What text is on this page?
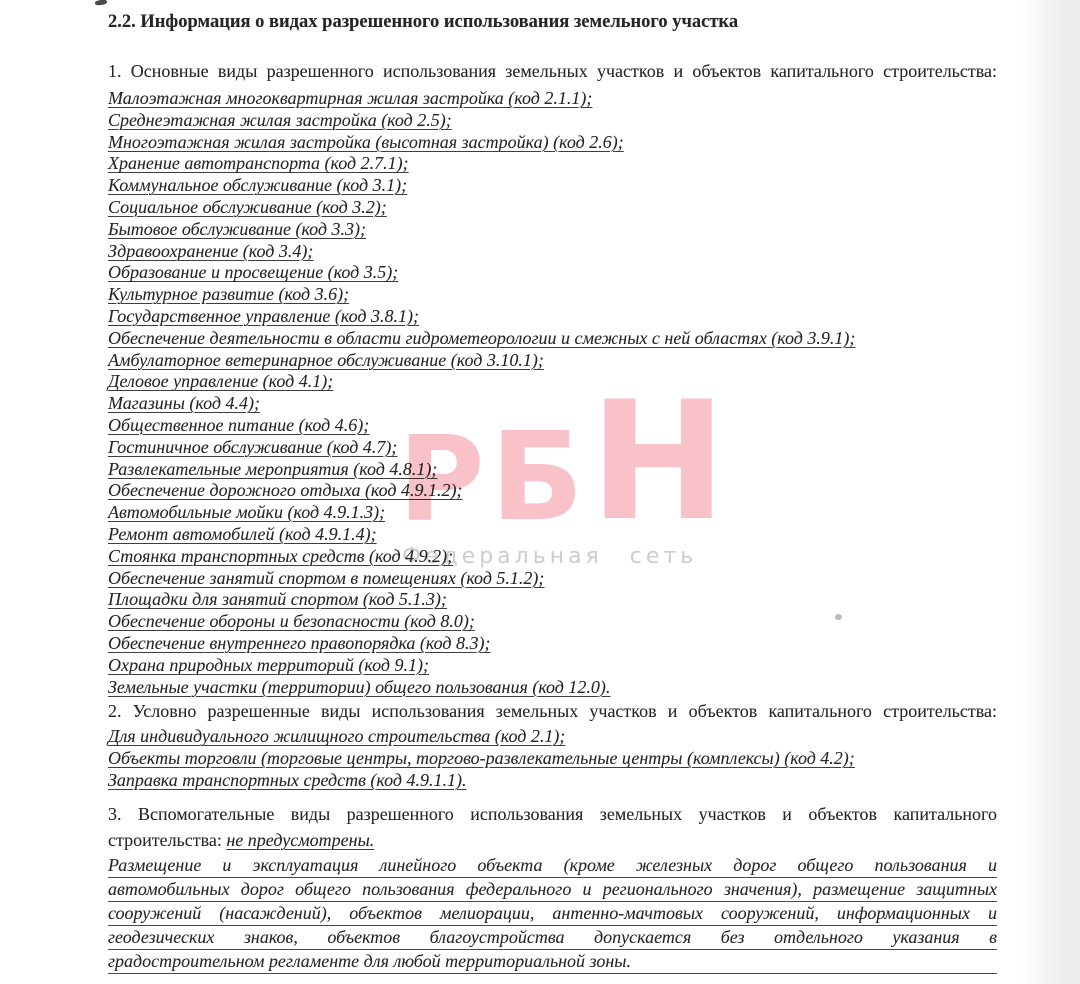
2.2. Информация о видах разрешенного использования земельного участка

1. Основные виды разрешенного использования земельных участков и объектов капитального строительства:

Малоэтажная многоквартирная жилая застройка (код 2.1.1);
Среднеэтажная жилая застройка (код 2.5);
Многоэтажная жилая застройка (высотная застройка) (код 2.6);
Хранение автотранспорта (код 2.7.1);
Коммунальное обслуживание (код 3.1);
Социальное обслуживание (код 3.2);
Бытовое обслуживание (код 3.3);
Здравоохранение (код 3.4);
Образование и просвещение (код 3.5);
Культурное развитие (код 3.6);
Государственное управление (код 3.8.1);
Обеспечение деятельности в области гидрометеорологии и смежных с ней областях (код 3.9.1);
Амбулаторное ветеринарное обслуживание (код 3.10.1);
Деловое управление (код 4.1);
Магазины (код 4.4);
Общественное питание (код 4.6);
Гостиничное обслуживание (код 4.7);
Развлекательные мероприятия (код 4.8.1);
Обеспечение дорожного отдыха (код 4.9.1.2);
Автомобильные мойки (код 4.9.1.3);
Ремонт автомобилей (код 4.9.1.4);
Стоянка транспортных средств (код 4.9.2);
Обеспечение занятий спортом в помещениях (код 5.1.2);
Площадки для занятий спортом (код 5.1.3);
Обеспечение обороны и безопасности (код 8.0);
Обеспечение внутреннего правопорядка (код 8.3);
Охрана природных территорий (код 9.1);
Земельные участки (территории) общего пользования (код 12.0).

2. Условно разрешенные виды использования земельных участков и объектов капитального строительства:

Для индивидуального жилищного строительства (код 2.1);
Объекты торговли (торговые центры, торгово-развлекательные центры (комплексы) (код 4.2);
Заправка транспортных средств (код 4.9.1.1).
3. Вспомогательные виды разрешенного использования земельных участков и объектов капитального
строительства: не предусмотрены.
Размещение и эксплуатация линейного объекта (кроме железных дорог общего пользования и
автомобильных дорог общего пользования федерального и регионального значения), размещение защитных
сооружений (насаждений), объектов мелиорации, антенно-мачтовых сооружений, информационных и
геодезических знаков, объектов благоустройства допускается без отдельного указания в
градостроительном регламенте для любой территориальной зоны.
Р Б Н
Федеральная сеть
